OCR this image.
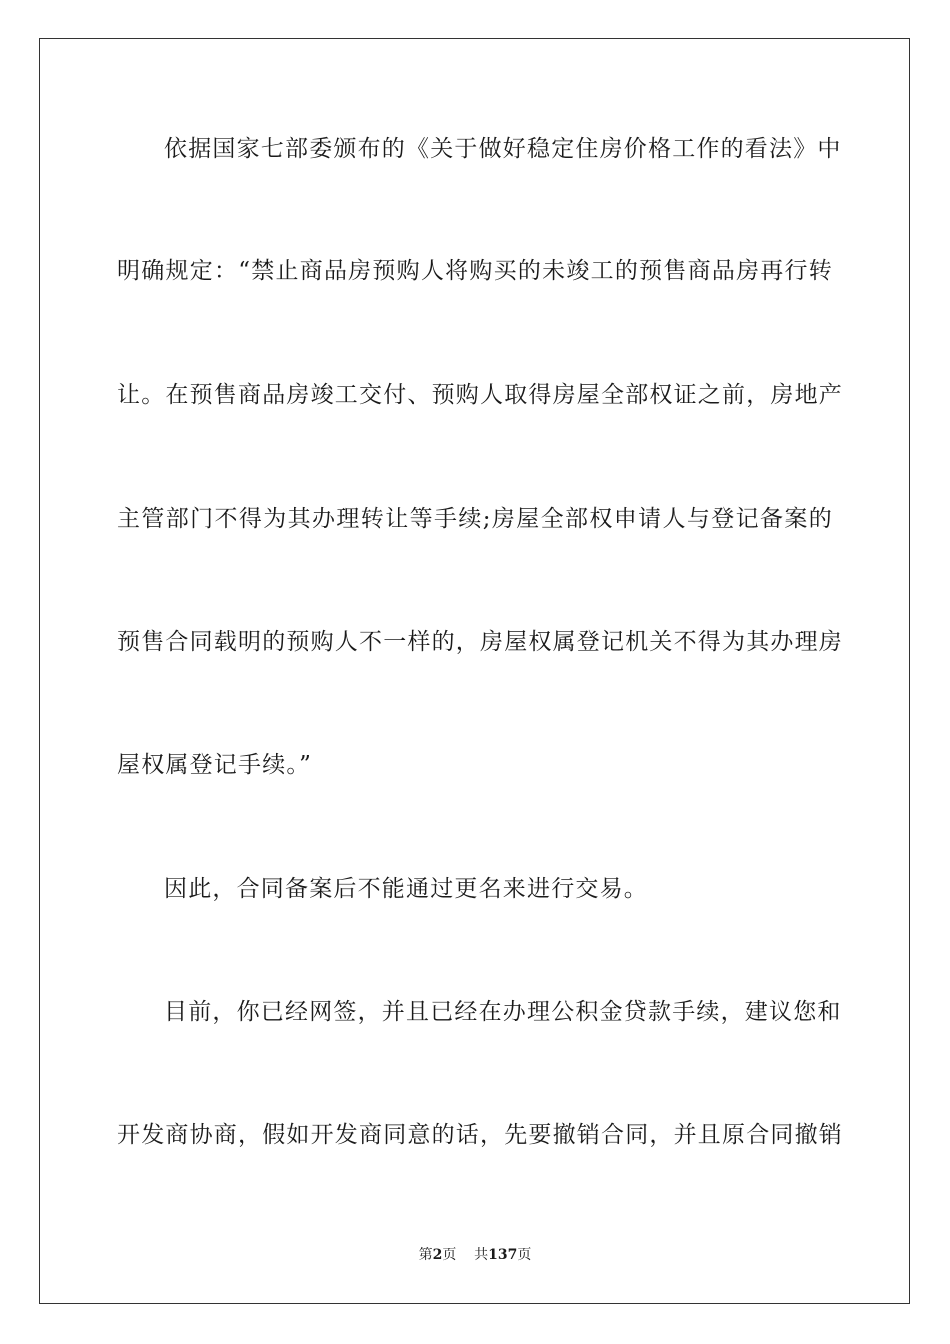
依据国家七部委颁布的《关于做好稳定住房价格工作的看法》中
明确规定：“禁止商品房预购人将购买的未竣工的预售商品房再行转
让。在预售商品房竣工交付、预购人取得房屋全部权证之前，房地产
主管部门不得为其办理转让等手续;房屋全部权申请人与登记备案的
预售合同载明的预购人不一样的，房屋权属登记机关不得为其办理房
屋权属登记手续。”
因此，合同备案后不能通过更名来进行交易。
目前，你已经网签，并且已经在办理公积金贷款手续，建议您和
开发商协商，假如开发商同意的话，先要撤销合同，并且原合同撤销
第2页 共137页
